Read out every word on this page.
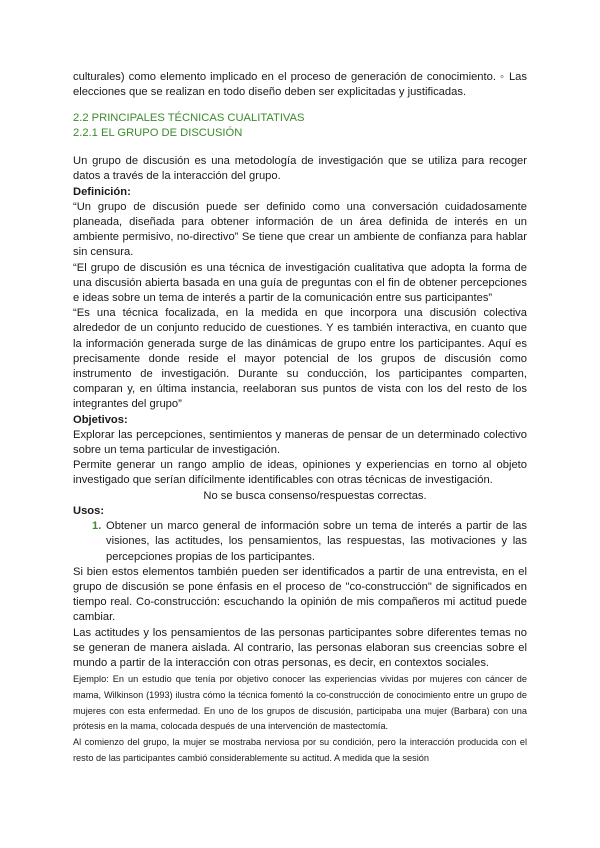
culturales) como elemento implicado en el proceso de generación de conocimiento. ◦ Las elecciones que se realizan en todo diseño deben ser explicitadas y justificadas.

2.2 PRINCIPALES TÉCNICAS CUALITATIVAS
2.2.1 EL GRUPO DE DISCUSIÓN

Un grupo de discusión es una metodología de investigación que se utiliza para recoger datos a través de la interacción del grupo.

Definición:

“Un grupo de discusión puede ser definido como una conversación cuidadosamente planeada, diseñada para obtener información de un área definida de interés en un ambiente permisivo, no-directivo” Se tiene que crear un ambiente de confianza para hablar sin censura.

“El grupo de discusión es una técnica de investigación cualitativa que adopta la forma de una discusión abierta basada en una guía de preguntas con el fin de obtener percepciones e ideas sobre un tema de interés a partir de la comunicación entre sus participantes”

“Es una técnica focalizada, en la medida en que incorpora una discusión colectiva alrededor de un conjunto reducido de cuestiones. Y es también interactiva, en cuanto que la información generada surge de las dinámicas de grupo entre los participantes. Aquí es precisamente donde reside el mayor potencial de los grupos de discusión como instrumento de investigación. Durante su conducción, los participantes comparten, comparan y, en última instancia, reelaboran sus puntos de vista con los del resto de los integrantes del grupo”

Objetivos:

Explorar las percepciones, sentimientos y maneras de pensar de un determinado colectivo sobre un tema particular de investigación.

Permite generar un rango amplio de ideas, opiniones y experiencias en torno al objeto investigado que serían difícilmente identificables con otras técnicas de investigación.

No se busca consenso/respuestas correctas.

Usos:

1. Obtener un marco general de información sobre un tema de interés a partir de las visiones, las actitudes, los pensamientos, las respuestas, las motivaciones y las percepciones propias de los participantes.

Si bien estos elementos también pueden ser identificados a partir de una entrevista, en el grupo de discusión se pone énfasis en el proceso de "co-construcción" de significados en tiempo real. Co-construcción: escuchando la opinión de mis compañeros mi actitud puede cambiar.

Las actitudes y los pensamientos de las personas participantes sobre diferentes temas no se generan de manera aislada. Al contrario, las personas elaboran sus creencias sobre el mundo a partir de la interacción con otras personas, es decir, en contextos sociales.

Ejemplo: En un estudio que tenía por objetivo conocer las experiencias vividas por mujeres con cáncer de mama, Wilkinson (1993) ilustra cómo la técnica fomentó la co-construcción de conocimiento entre un grupo de mujeres con esta enfermedad. En uno de los grupos de discusión, participaba una mujer (Barbara) con una prótesis en la mama, colocada después de una intervención de mastectomía.

Al comienzo del grupo, la mujer se mostraba nerviosa por su condición, pero la interacción producida con el resto de las participantes cambió considerablemente su actitud. A medida que la sesión
